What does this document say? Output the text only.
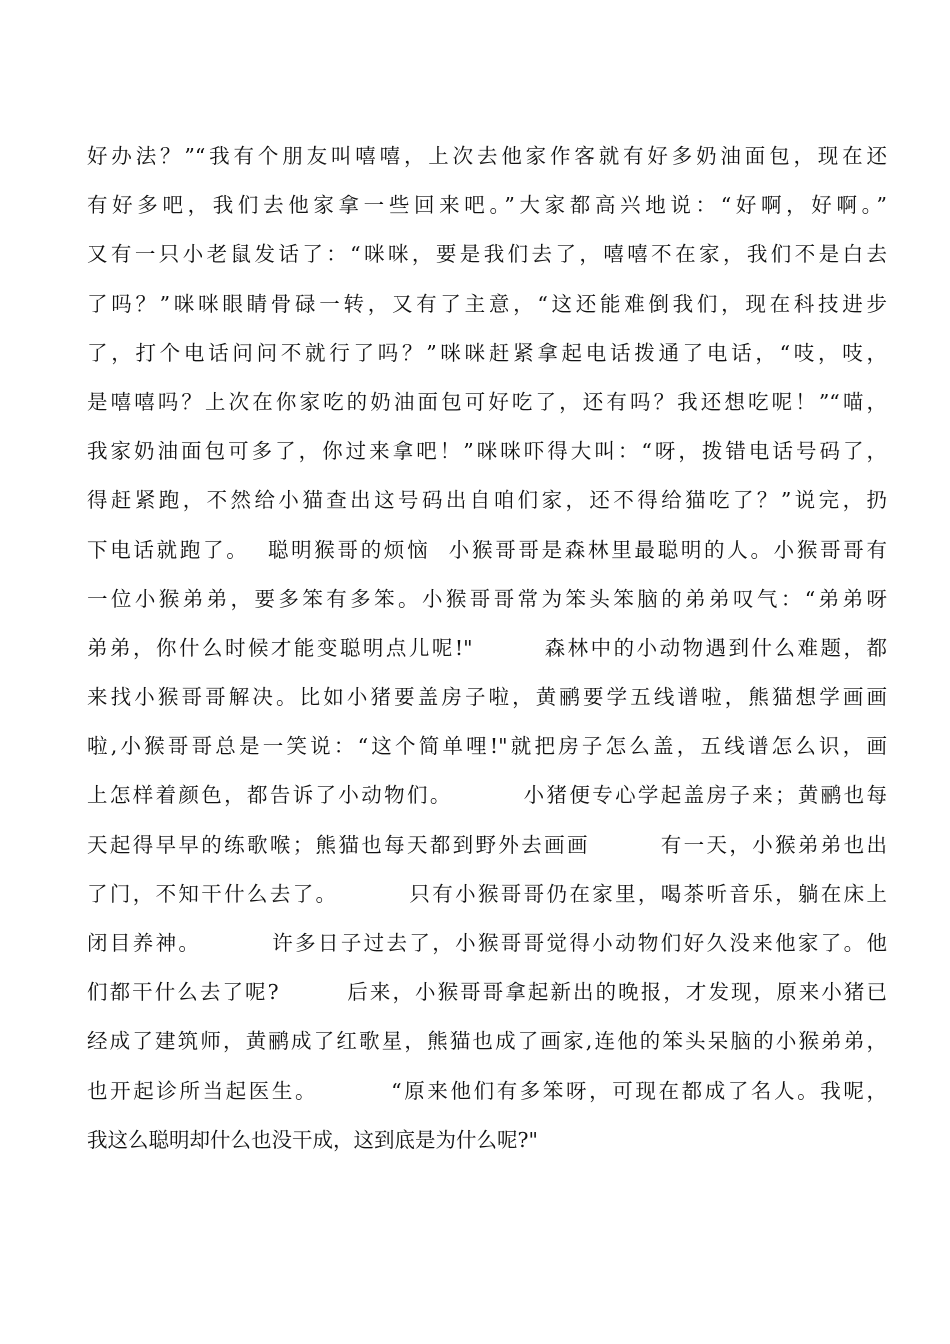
好办法？”“我有个朋友叫嘻嘻，上次去他家作客就有好多奶油面包，现在还
有好多吧，我们去他家拿一些回来吧。”大家都高兴地说：“好啊，好啊。”
又有一只小老鼠发话了：“咪咪，要是我们去了，嘻嘻不在家，我们不是白去
了吗？”咪咪眼睛骨碌一转，又有了主意，“这还能难倒我们，现在科技进步
了，打个电话问问不就行了吗？”咪咪赶紧拿起电话拨通了电话，“吱，吱，
是嘻嘻吗？上次在你家吃的奶油面包可好吃了，还有吗？我还想吃呢！”“喵，
我家奶油面包可多了，你过来拿吧！”咪咪吓得大叫：“呀，拨错电话号码了，
得赶紧跑，不然给小猫查出这号码出自咱们家，还不得给猫吃了？”说完，扔
下电话就跑了。  聪明猴哥的烦恼  小猴哥哥是森林里最聪明的人。小猴哥哥有
一位小猴弟弟，要多笨有多笨。小猴哥哥常为笨头笨脑的弟弟叹气：“弟弟呀
弟弟，你什么时候才能变聪明点儿呢!"        森林中的小动物遇到什么难题，都
来找小猴哥哥解决。比如小猪要盖房子啦，黄鹂要学五线谱啦，熊猫想学画画
啦,小猴哥哥总是一笑说：“这个简单哩!"就把房子怎么盖，五线谱怎么识，画
上怎样着颜色，都告诉了小动物们。        小猪便专心学起盖房子来；黄鹂也每
天起得早早的练歌喉；熊猫也每天都到野外去画画        有一天，小猴弟弟也出
了门，不知干什么去了。        只有小猴哥哥仍在家里，喝茶听音乐，躺在床上
闭目养神。        许多日子过去了，小猴哥哥觉得小动物们好久没来他家了。他
们都干什么去了呢?        后来，小猴哥哥拿起新出的晚报，才发现，原来小猪已
经成了建筑师，黄鹂成了红歌星，熊猫也成了画家,连他的笨头呆脑的小猴弟弟，
也开起诊所当起医生。        “原来他们有多笨呀，可现在都成了名人。我呢，
我这么聪明却什么也没干成，这到底是为什么呢?"
